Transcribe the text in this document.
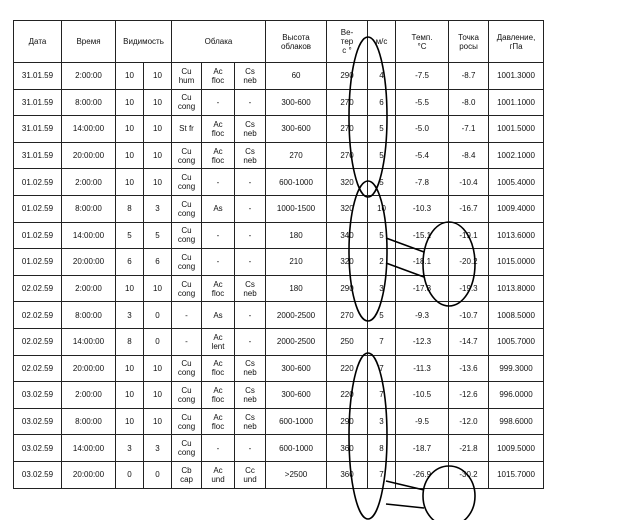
Дата	Время	Видимость		Облака			Высота
облаков	Ве-
тер
с °	м/с	Темп.
°С	Точка
росы	Давление,
гПа
31.01.59	2:00:00	10	10	Cu
hum	Ac
floc	Cs
neb	60	290	4	-7.5	-8.7	1001.3000
31.01.59	8:00:00	10	10	Cu
cong	-	-	300-600	270	6	-5.5	-8.0	1001.1000
31.01.59	14:00:00	10	10	St fr	Ac
floc	Cs
neb	300-600	270	5	-5.0	-7.1	1001.5000
31.01.59	20:00:00	10	10	Cu
cong	Ac
floc	Cs
neb	270	270	5	-5.4	-8.4	1002.1000
01.02.59	2:00:00	10	10	Cu
cong	-	-	600-1000	320	5	-7.8	-10.4	1005.4000
01.02.59	8:00:00	8	3	Cu
cong	As	-	1000-1500	320	10	-10.3	-16.7	1009.4000
01.02.59	14:00:00	5	5	Cu
cong	-	-	180	340	5	-15.1	-19.1	1013.6000
01.02.59	20:00:00	6	6	Cu
cong	-	-	210	320	2	-18.1	-20.2	1015.0000
02.02.59	2:00:00	10	10	Cu
cong	Ac
floc	Cs
neb	180	290	3	-17.3	-19.3	1013.8000
02.02.59	8:00:00	3	0	-	As	-	2000-2500	270	5	-9.3	-10.7	1008.5000
02.02.59	14:00:00	8	0	-	Ac
lent	-	2000-2500	250	7	-12.3	-14.7	1005.7000
02.02.59	20:00:00	10	10	Cu
cong	Ac
floc	Cs
neb	300-600	220	7	-11.3	-13.6	999.3000
03.02.59	2:00:00	10	10	Cu
cong	Ac
floc	Cs
neb	300-600	220	7	-10.5	-12.6	996.0000
03.02.59	8:00:00	10	10	Cu
cong	Ac
floc	Cs
neb	600-1000	290	3	-9.5	-12.0	998.6000
03.02.59	14:00:00	3	3	Cu
cong	-	-	600-1000	360	8	-18.7	-21.8	1009.5000
03.02.59	20:00:00	0	0	Cb
cap	Ac
und	Cc
und	>2500	360	7	-26.9	-30.2	1015.7000
